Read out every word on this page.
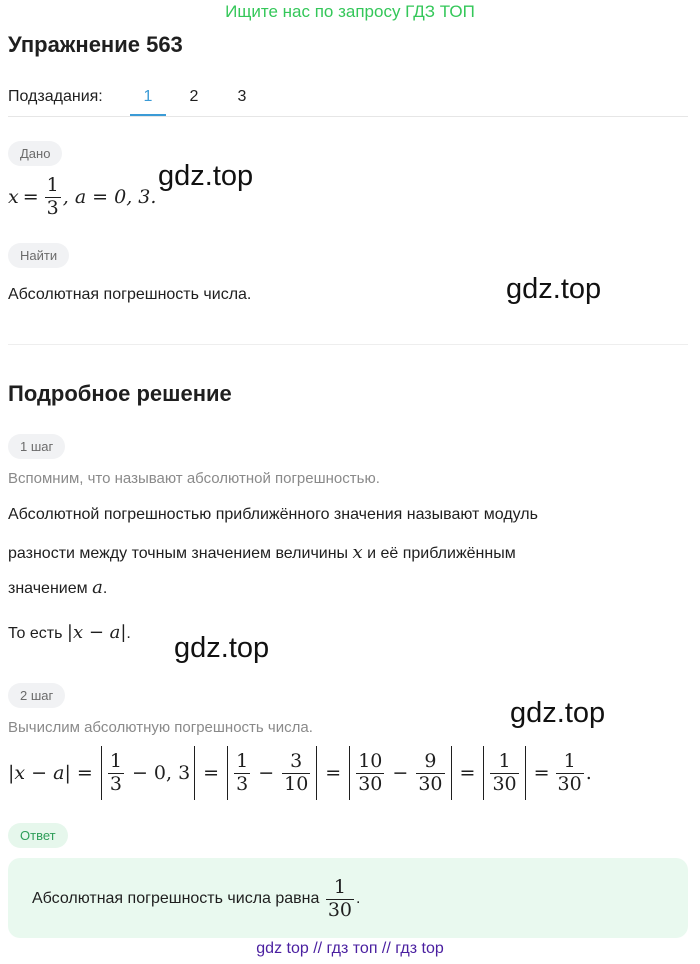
Ищите нас по запросу ГДЗ ТОП
Упражнение 563
Подзадания:	1	2	3
Дано
$x = \frac{1}{3}$ , a = 0, 3.
gdz.top
Найти
Абсолютная погрешность числа.	gdz.top
Подробное решение
1 шаг
Вспомним, что называют абсолютной погрешностью.
Абсолютной погрешностью приближённого значения называют модуль
разности между точным значением величины x и её приближённым
значением a.
То есть |x − a|. gdz.top
2 шаг
Вычислим абсолютную погрешность числа.	gdz.top
$|x - a| = \frac{1}{3} - 0$, $3 = \frac{1}{3} - \frac{3}{10} = \frac{10}{30} - \frac{9}{30} = \frac{1}{30} = \frac{1}{30}$ .
Ответ
Абсолютная погрешность числа равна $\frac{1}{30}$ .
gdz top // гдз топ // гдз top
